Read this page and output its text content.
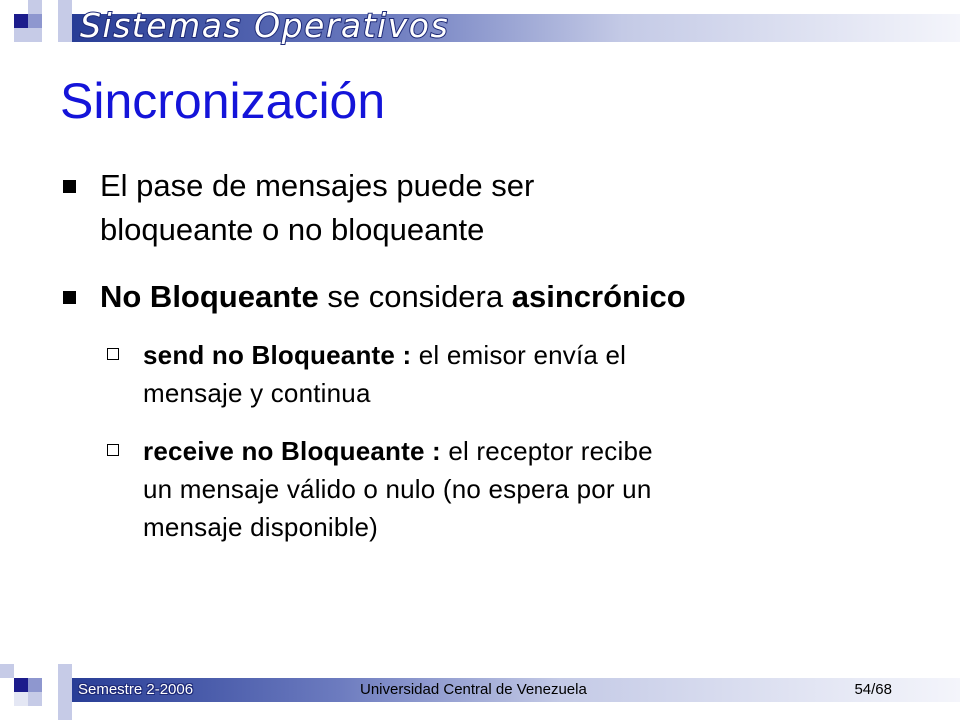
Sistemas Operativos
Sincronización
El pase de mensajes puede ser
bloqueante o no bloqueante
No Bloqueante se considera asincrónico
send no Bloqueante : el emisor envía el
mensaje y continua
receive no Bloqueante : el receptor recibe
un mensaje válido o nulo (no espera por un
mensaje disponible)
Semestre 2-2006	Universidad Central de Venezuela	54/68
